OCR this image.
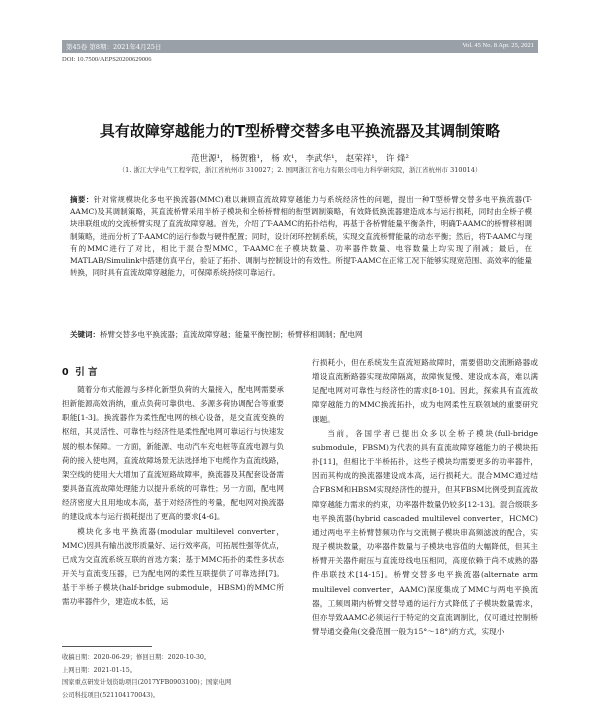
第45卷 第8期：2021年4月25日	Vol. 45 No. 8 Apr. 25, 2021
DOI: 10.7500/AEPS20200629006
具有故障穿越能力的T型桥臂交替多电平换流器及其调制策略
范世源¹， 杨贺雅¹， 杨 欢¹， 李武华¹， 赵荣祥¹， 许 烽²
（1. 浙江大学电气工程学院，浙江省杭州市 310027；2. 国网浙江省电力有限公司电力科学研究院，浙江省杭州市 310014）
摘要：针对常规模块化多电平换流器(MMC)难以兼顾直流故障穿越能力与系统经济性的问题，提出一种T型桥臂交替多电平换流器(T-AAMC)及其调制策略，其直流桥臂采用半桥子模块和全桥桥臂相的衔型调制策略，有效降低换流器建造成本与运行损耗，同时由全桥子模块串联组成的交流桥臂实现了直流故障穿越。首先，介绍了T-AAMC的拓扑结构，再基于各桥臂能量平衡条件，明确T-AAMC的桥臂移相调制策略，进而分析了T-AAMC的运行参数与硬件配置；同时，设计闭环控制系统，实现交直流桥臂能量的动态平衡；然后，将T-AAMC与现有的MMC进行了对比，相比于混合型MMC，T-AAMC在子模块数量、功率器件数量、电容数量上均实现了削减；最后，在MATLAB/Simulink中搭建仿真平台，验证了拓扑、调制与控制设计的有效性。所提T-AAMC在正常工况下能够实现宽范围、高效率的能量转换，同时具有直流故障穿越能力，可保障系统持续可靠运行。
关键词：桥臂交替多电平换流器；直流故障穿越；能量平衡控制；桥臂移相调制；配电网
0 引 言

随着分布式能源与多样化新型负荷的大量接入，配电网需要承担新能源高效消纳，重点负荷可靠供电、多源多荷协调配合等重要职能[1-3]。换流器作为柔性配电网的核心设备，是交直流变换的枢纽，其灵活性、可靠性与经济性是柔性配电网可靠运行与快速发展的根本保障。一方面，新能源、电动汽车充电桩等直流电源与负荷的接入使电网，直流故障场景无法选择地下电缆作为直流线路，架空线的使用大大增加了直流短路故障率，换流器及其配套设备需要具备直流故障处理能力以提升系统的可靠性；另一方面，配电网经济密度大且用地成本高，基于对经济性的考量，配电网对换流器的建设成本与运行损耗提出了更高的要求[4-6]。

模块化多电平换流器(modular multilevel converter，MMC)因具有输出波形质量好、运行效率高，可拓展性强等优点，已成为交直流系统互联的首选方案；基于MMC拓扑的柔性多状态开关与直流变压器，已为配电网的柔性互联提供了可靠选择[7]。基于半桥子模块(half-bridge submodule，HBSM)的MMC所需功率器件少，建造成本低，运

行损耗小，但在系统发生直流短路故障时，需要借助交流断路器或增设直流断路器实现故障隔离，故障恢复慢、建设成本高，难以满足配电网对可靠性与经济性的需求[8-10]。因此，探索具有直流故障穿越能力的MMC换流拓扑，成为电网柔性互联领域的重要研究课题。

当前，各国学者已提出众多以全桥子模块(full-bridge submodule，FBSM)为代表的具有直流故障穿越能力的子模块拓扑[11]，但相比于半桥拓扑，这些子模块均需要更多的功率器件，因而其构成的换流器建设成本高，运行损耗大。混合MMC通过结合FBSM和HBSM实现经济性的提升，但其FBSM比例受到直流故障穿越能力需求的约束，功率器件数量仍较多[12-13]。混合级联多电平换流器(hybrid cascaded multilevel converter，HCMC)通过两电平主桥臂替频功作与交流侧子模块串高频滤波的配合，实现子模块数量，功率器件数量与子模块电容值的大幅降低，但其主桥臂开关器件耐压与直流母线电压相同，高度依赖于尚不成熟的器件串联技术[14-15]。桥臂交替多电平换流器(alternate arm multilevel converter，AAMC)深度集成了MMC与两电平换流器，工频周期内桥臂交替导通的运行方式降低了子模块数量需求，但亦导致AAMC必须运行于特定的交直流调制比，仅可通过控制桥臂导通交叠角(交叠范围一般为15°～18°)的方式，实现小

收稿日期：2020-06-29；修回日期：2020-10-30。
上网日期：2021-01-15。
国家重点研发计划资助项目(2017YFB0903100)；国家电网
公司科技项目(521104170043)。
